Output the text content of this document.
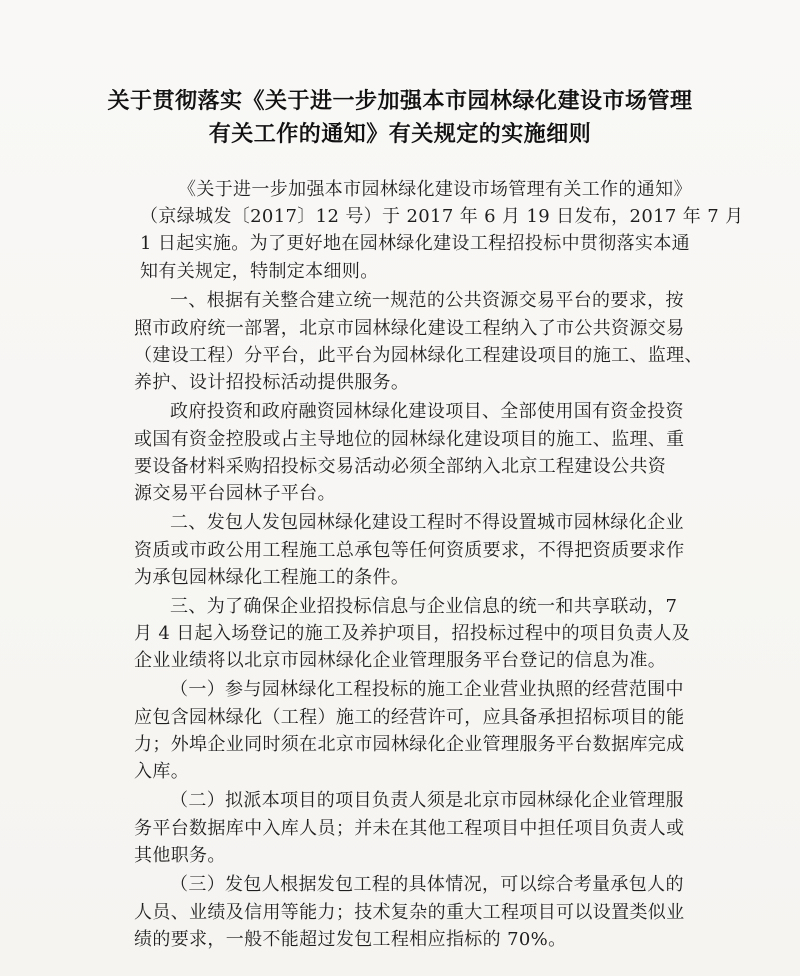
关于贯彻落实《关于进一步加强本市园林绿化建设市场管理
有关工作的通知》有关规定的实施细则
《关于进一步加强本市园林绿化建设市场管理有关工作的通知》
（京绿城发〔2017〕12 号）于 2017 年 6 月 19 日发布，2017 年 7 月
1 日起实施。为了更好地在园林绿化建设工程招投标中贯彻落实本通
知有关规定，特制定本细则。
一、根据有关整合建立统一规范的公共资源交易平台的要求，按
照市政府统一部署，北京市园林绿化建设工程纳入了市公共资源交易
（建设工程）分平台，此平台为园林绿化工程建设项目的施工、监理、
养护、设计招投标活动提供服务。
政府投资和政府融资园林绿化建设项目、全部使用国有资金投资
或国有资金控股或占主导地位的园林绿化建设项目的施工、监理、重
要设备材料采购招投标交易活动必须全部纳入北京工程建设公共资
源交易平台园林子平台。
二、发包人发包园林绿化建设工程时不得设置城市园林绿化企业
资质或市政公用工程施工总承包等任何资质要求，不得把资质要求作
为承包园林绿化工程施工的条件。
三、为了确保企业招投标信息与企业信息的统一和共享联动，7
月 4 日起入场登记的施工及养护项目，招投标过程中的项目负责人及
企业业绩将以北京市园林绿化企业管理服务平台登记的信息为准。
（一）参与园林绿化工程投标的施工企业营业执照的经营范围中
应包含园林绿化（工程）施工的经营许可，应具备承担招标项目的能
力；外埠企业同时须在北京市园林绿化企业管理服务平台数据库完成
入库。
（二）拟派本项目的项目负责人须是北京市园林绿化企业管理服
务平台数据库中入库人员；并未在其他工程项目中担任项目负责人或
其他职务。
（三）发包人根据发包工程的具体情况，可以综合考量承包人的
人员、业绩及信用等能力；技术复杂的重大工程项目可以设置类似业
绩的要求，一般不能超过发包工程相应指标的 70%。
